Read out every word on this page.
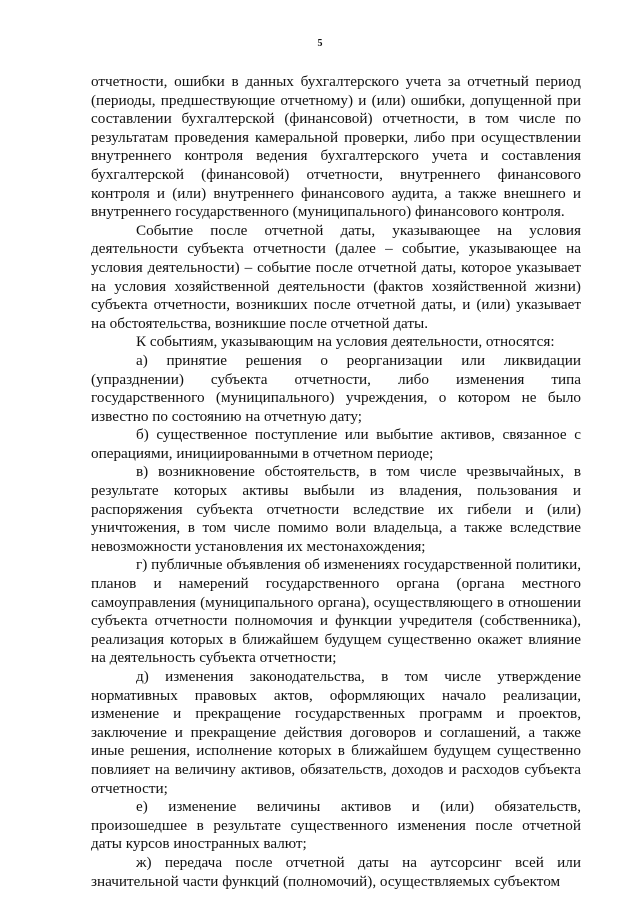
5

отчетности, ошибки в данных бухгалтерского учета за отчетный период (периоды, предшествующие отчетному) и (или) ошибки, допущенной при составлении бухгалтерской (финансовой) отчетности, в том числе по результатам проведения камеральной проверки, либо при осуществлении внутреннего контроля ведения бухгалтерского учета и составления бухгалтерской (финансовой) отчетности, внутреннего финансового контроля и (или) внутреннего финансового аудита, а также внешнего и внутреннего государственного (муниципального) финансового контроля.

Событие после отчетной даты, указывающее на условия деятельности субъекта отчетности (далее – событие, указывающее на условия деятельности) – событие после отчетной даты, которое указывает на условия хозяйственной деятельности (фактов хозяйственной жизни) субъекта отчетности, возникших после отчетной даты, и (или) указывает на обстоятельства, возникшие после отчетной даты.

К событиям, указывающим на условия деятельности, относятся:

а) принятие решения о реорганизации или ликвидации (упразднении) субъекта отчетности, либо изменения типа государственного (муниципального) учреждения, о котором не было известно по состоянию на отчетную дату;

б) существенное поступление или выбытие активов, связанное с операциями, инициированными в отчетном периоде;

в) возникновение обстоятельств, в том числе чрезвычайных, в результате которых активы выбыли из владения, пользования и распоряжения субъекта отчетности вследствие их гибели и (или) уничтожения, в том числе помимо воли владельца, а также вследствие невозможности установления их местонахождения;

г) публичные объявления об изменениях государственной политики, планов и намерений государственного органа (органа местного самоуправления (муниципального органа), осуществляющего в отношении субъекта отчетности полномочия и функции учредителя (собственника), реализация которых в ближайшем будущем существенно окажет влияние на деятельность субъекта отчетности;

д) изменения законодательства, в том числе утверждение нормативных правовых актов, оформляющих начало реализации, изменение и прекращение государственных программ и проектов, заключение и прекращение действия договоров и соглашений, а также иные решения, исполнение которых в ближайшем будущем существенно повлияет на величину активов, обязательств, доходов и расходов субъекта отчетности;

е) изменение величины активов и (или) обязательств, произошедшее в результате существенного изменения после отчетной даты курсов иностранных валют;

ж) передача после отчетной даты на аутсорсинг всей или значительной части функций (полномочий), осуществляемых субъектом
